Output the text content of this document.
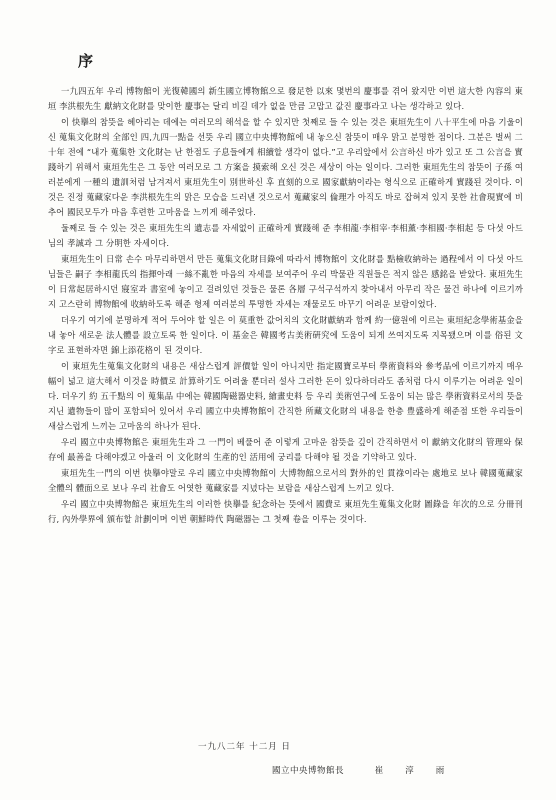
序

一九四五年 우리 博物館이 光復韓國의 新生國立博物館으로 發足한 以來 몇번의 慶事를 겪어 왔지만 이번 這大한 內容의 東垣 李洪根先生 獻納文化財를 맞이한 慶事는 달리 비길 데가 없을 만큼 고맙고 값진 慶事라고 나는 생각하고 있다.

이 快擧의 참뜻을 헤아리는 데에는 여러모의 해석을 할 수 있지만 첫째로 들 수 있는 것은 東垣先生이 八十平生에 마음 기울이신 蒐集文化財의 全部인 四,九四一點을 선뜻 우리 國立中央博物館에 내 놓으신 참뜻이 매우 맑고 분명한 점이다. 그분은 벌써 二十年 전에 “내가 蒐集한 文化財는 난 한점도 子息들에게 相續할 생각이 없다.”고 우리앞에서 公言하신 바가 있고 또 그 公言을 實踐하기 위해서 東垣先生은 그 동안 여러모로 그 方案을 摸索해 오신 것은 세상이 아는 일이다. 그러한 東垣先生의 참뜻이 子孫 여러분에게 一種의 遺訓처럼 남겨져서 東垣先生이 別世하신 후 直刻的으로 國家獻納이라는 형식으로 正確하게 實踐된 것이다. 이것은 진정 蒐藏家다운 李洪根先生의 맑은 모습을 드러낸 것으로서 蒐藏家의 倫理가 아직도 바로 잡혀져 있지 못한 社會現實에 비추어 國民모두가 마음 후련한 고마움을 느끼게 해주었다.

둘째로 들 수 있는 것은 東垣先生의 遺志를 자세없이 正確하게 實踐해 준 李相龍·李相宰·李相薰·李相國·李相起 등 다섯 아드님의 孝誠과 그 分明한 자세이다.

東垣先生이 日常 손수 마무리하면서 만든 蒐集文化財目錄에 따라서 博物館이 文化財를 點檢收納하는 過程에서 이 다섯 아드님들은 嗣子 李相龍氏의 指揮아래 一絲不亂한 마음의 자세를 보여주어 우리 박물관 직원들은 적지 않은 感銘을 받았다. 東垣先生이 日常起居하시던 寢室과 書室에 놓이고 걸려있던 것들은 물론 各層 구석구석까지 찾아내서 아무리 작은 물건 하나에 이르기까지 고스란히 博物館에 收納하도록 해준 형제 여러분의 투명한 자세는 재물로도 바꾸기 어려운 보람이었다.

더우기 여기에 분명하게 적어 두어야 할 일은 이 莫重한 값어치의 文化財獻納과 함께 約一億원에 이르는 東垣紀念學術基金을 내 놓아 새로운 法人體를 設立토록 한 일이다. 이 基金은 韓國考古美術硏究에 도움이 되게 쓰여지도록 지목됐으며 이를 俗된 文字로 표현하자면 錦上添花格이 된 것이다.

이 東垣先生蒐集文化財의 내용은 새삼스럽게 評價할 일이 아니지만 指定國寶로부터 學術資料와 參考品에 이르기까지 매우 幅이 넓고 這大해서 이것을 時價로 計算하기도 어려울 뿐더러 설사 그러한 돈이 있다하더라도 좀처럼 다시 이루기는 어려운 일이다. 더우기 約 五千點의 이 蒐集品 中에는 韓國陶磁器史料, 繪畫史料 등 우리 美術연구에 도움이 되는 많은 學術資料로서의 뜻을 지닌 遺物들이 많이 포함되어 있어서 우리 國立中央博物館이 간직한 所藏文化財의 내용을 한층 豊盛하게 해준점 또한 우리들이 새삼스럽게 느끼는 고마움의 하나가 된다.

우리 國立中央博物館은 東垣先生과 그 一門이 베풀어 준 이렇게 고마운 참뜻을 깊이 간직하면서 이 獻納文化財의 管理와 保存에 最善을 다해야겠고 아울러 이 文化財의 生產的인 活用에 궁리를 다해야 될 것을 기약하고 있다.

東垣先生一門의 이번 快擧야말로 우리 國立中央博物館이 大博物館으로서의 對外的인 貫祿이라는 處地로 보나 韓國蒐藏家 全體의 體面으로 보나 우리 社會도 어엿한 蒐藏家를 지녔다는 보람을 새삼스럽게 느끼고 있다.

우리 國立中央博物館은 東垣先生의 이러한 快擧를 紀念하는 뜻에서 國費로 東垣先生蒐集文化財 圖錄을 年次的으로 分冊刊行, 內外學界에 頒布할 計劃이며 이번 朝鮮時代 陶磁器는 그 첫째 卷을 이루는 것이다.

一九八二年 十二月 日
國立中央博物館長	崔淳雨
